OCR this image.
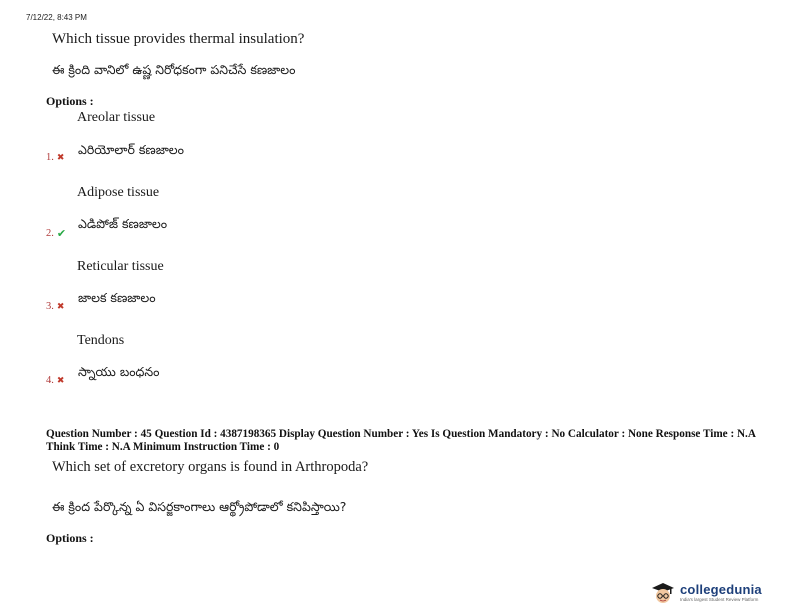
7/12/22, 8:43 PM
Which tissue provides thermal insulation?
ఈ క్రింది వానిలో ఉష్ణ నిరోధకంగా పనిచేసే కణజాలం
Options :
Areolar tissue
ఎరియోలార్ కణజాలం
1. ✖
Adipose tissue
ఎడిపోజ్ కణజాలం
2. ✔
Reticular tissue
జాలక కణజాలం
3. ✖
Tendons
స్నాయు బంధనం
4. ✖
Question Number : 45 Question Id : 4387198365 Display Question Number : Yes Is Question Mandatory : No Calculator : None Response Time : N.A Think Time : N.A Minimum Instruction Time : 0
Which set of excretory organs is found in Arthropoda?
ఈ క్రింద పేర్కొన్న ఏ విసర్జకాంగాలు ఆర్థ్రోపోడాలో కనిపిస్తాయి?
Options :
collegedunia
India's largest Student Review Platform
